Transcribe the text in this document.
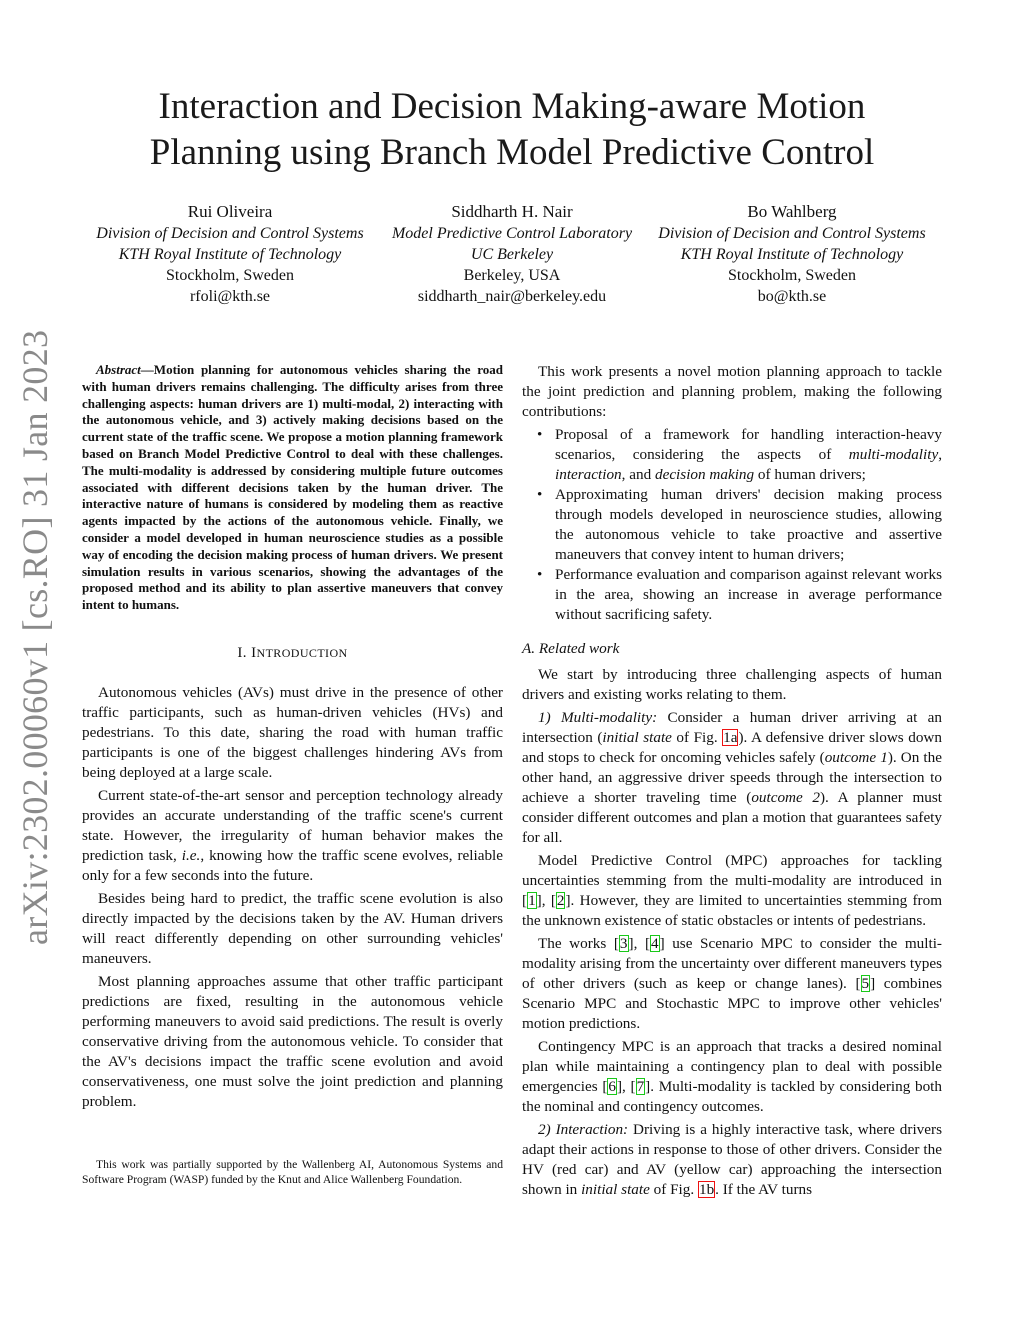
Interaction and Decision Making-aware Motion
Planning using Branch Model Predictive Control
Rui Oliveira
Division of Decision and Control Systems
KTH Royal Institute of Technology
Stockholm, Sweden
rfoli@kth.se
Siddharth H. Nair
Model Predictive Control Laboratory
UC Berkeley
Berkeley, USA
siddharth_nair@berkeley.edu
Bo Wahlberg
Division of Decision and Control Systems
KTH Royal Institute of Technology
Stockholm, Sweden
bo@kth.se
arXiv:2302.00060v1 [cs.RO] 31 Jan 2023	Abstract—Motion planning for autonomous vehicles sharing the road with human drivers remains challenging. The difficulty arises from three challenging aspects: human drivers are 1) multi-modal, 2) interacting with the autonomous vehicle, and 3) actively making decisions based on the current state of the traffic scene. We propose a motion planning framework based on Branch Model Predictive Control to deal with these challenges. The multi-modality is addressed by considering multiple future outcomes associated with different decisions taken by the human driver. The interactive nature of humans is considered by modeling them as reactive agents impacted by the actions of the autonomous vehicle. Finally, we consider a model developed in human neuroscience studies as a possible way of encoding the decision making process of human drivers. We present simulation results in various scenarios, showing the advantages of the proposed method and its ability to plan assertive maneuvers that convey intent to humans.
I. INTRODUCTION

Autonomous vehicles (AVs) must drive in the presence of other traffic participants, such as human-driven vehicles (HVs) and pedestrians. To this date, sharing the road with human traffic participants is one of the biggest challenges hindering AVs from being deployed at a large scale.

Current state-of-the-art sensor and perception technology already provides an accurate understanding of the traffic scene's current state. However, the irregularity of human behavior makes the prediction task, i.e., knowing how the traffic scene evolves, reliable only for a few seconds into the future.

Besides being hard to predict, the traffic scene evolution is also directly impacted by the decisions taken by the AV. Human drivers will react differently depending on other surrounding vehicles' maneuvers.

Most planning approaches assume that other traffic participant predictions are fixed, resulting in the autonomous vehicle performing maneuvers to avoid said predictions. The result is overly conservative driving from the autonomous vehicle. To consider that the AV's decisions impact the traffic scene evolution and avoid conservativeness, one must solve the joint prediction and planning problem.

This work was partially supported by the Wallenberg AI, Autonomous Systems and Software Program (WASP) funded by the Knut and Alice Wallenberg Foundation.

This work presents a novel motion planning approach to tackle the joint prediction and planning problem, making the following contributions:

• Proposal of a framework for handling interaction-heavy scenarios, considering the aspects of multi-modality, interaction, and decision making of human drivers;
• Approximating human drivers' decision making process through models developed in neuroscience studies, allowing the autonomous vehicle to take proactive and assertive maneuvers that convey intent to human drivers;
• Performance evaluation and comparison against relevant works in the area, showing an increase in average performance without sacrificing safety.
A. Related work

We start by introducing three challenging aspects of human drivers and existing works relating to them.

1) Multi-modality: Consider a human driver arriving at an intersection (initial state of Fig. 1a). A defensive driver slows down and stops to check for oncoming vehicles safely (outcome 1). On the other hand, an aggressive driver speeds through the intersection to achieve a shorter traveling time (outcome 2). A planner must consider different outcomes and plan a motion that guarantees safety for all.

Model Predictive Control (MPC) approaches for tackling uncertainties stemming from the multi-modality are introduced in [1], [2]. However, they are limited to uncertainties stemming from the unknown existence of static obstacles or intents of pedestrians.

The works [3], [4] use Scenario MPC to consider the multi-modality arising from the uncertainty over different maneuvers types of other drivers (such as keep or change lanes). [5] combines Scenario MPC and Stochastic MPC to improve other vehicles' motion predictions.

Contingency MPC is an approach that tracks a desired nominal plan while maintaining a contingency plan to deal with possible emergencies [6], [7]. Multi-modality is tackled by considering both the nominal and contingency outcomes.

2) Interaction: Driving is a highly interactive task, where drivers adapt their actions in response to those of other drivers. Consider the HV (red car) and AV (yellow car) approaching the intersection shown in initial state of Fig. 1b. If the AV turns
